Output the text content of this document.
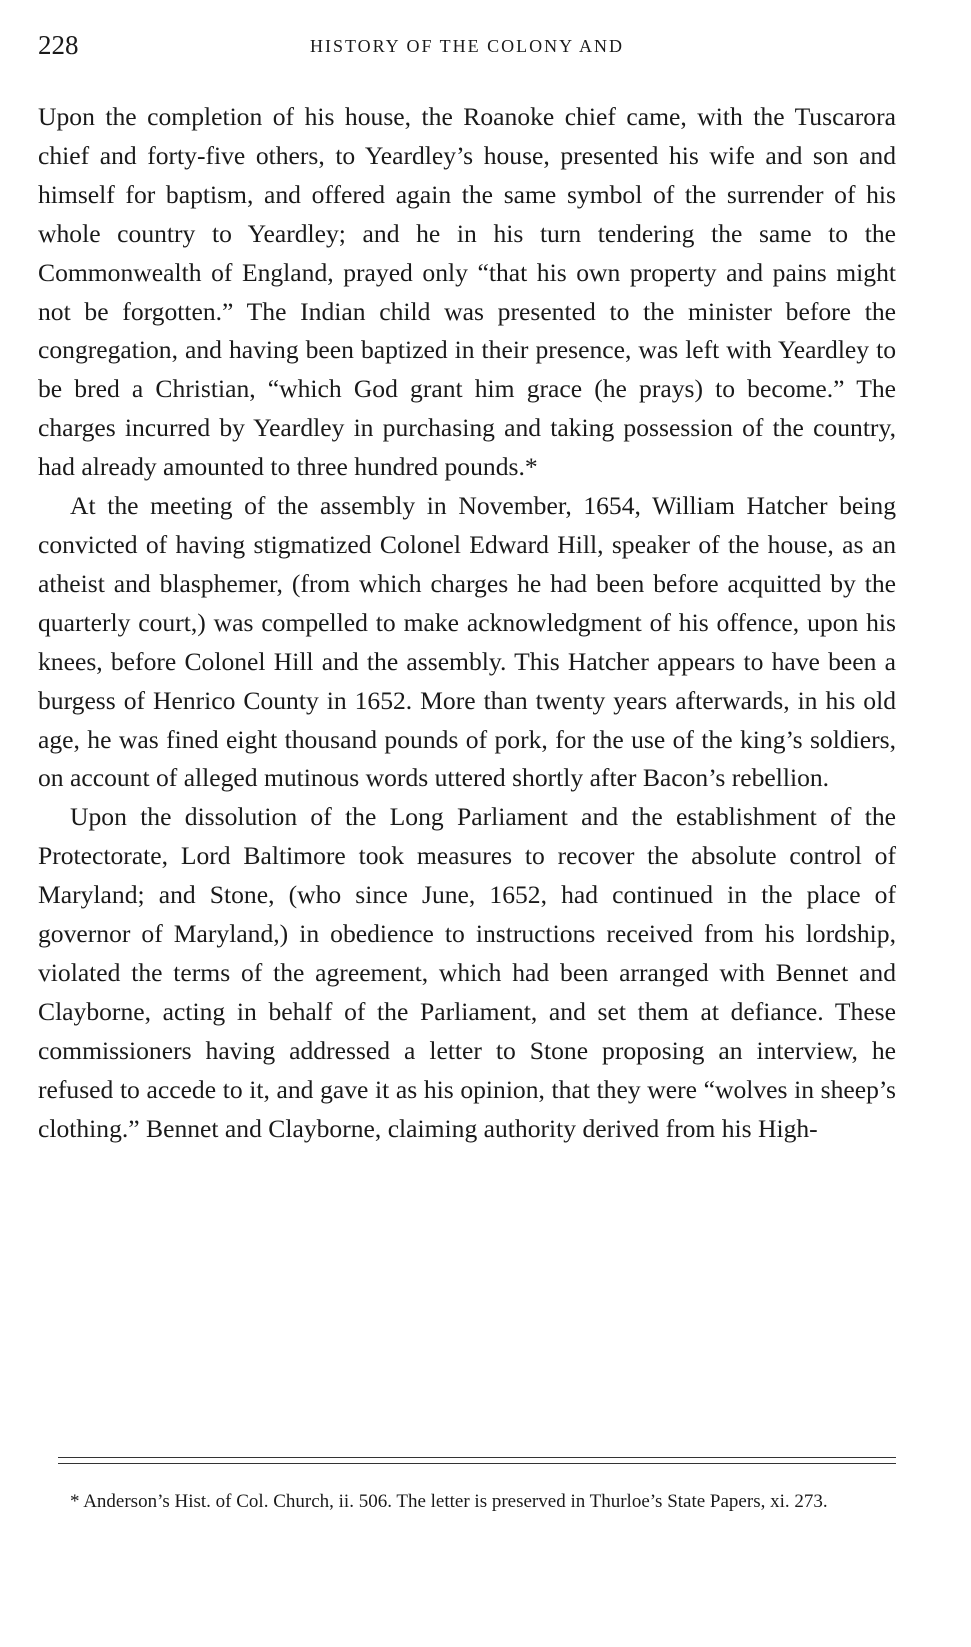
228	HISTORY OF THE COLONY AND

Upon the completion of his house, the Roanoke chief came, with the Tuscarora chief and forty-five others, to Yeardley’s house, presented his wife and son and himself for baptism, and offered again the same symbol of the surrender of his whole country to Yeardley; and he in his turn tendering the same to the Commonwealth of England, prayed only “that his own property and pains might not be forgotten.” The Indian child was presented to the minister before the congregation, and having been baptized in their presence, was left with Yeardley to be bred a Christian, “which God grant him grace (he prays) to become.” The charges incurred by Yeardley in purchasing and taking possession of the country, had already amounted to three hundred pounds.*

At the meeting of the assembly in November, 1654, William Hatcher being convicted of having stigmatized Colonel Edward Hill, speaker of the house, as an atheist and blasphemer, (from which charges he had been before acquitted by the quarterly court,) was compelled to make acknowledgment of his offence, upon his knees, before Colonel Hill and the assembly. This Hatcher appears to have been a burgess of Henrico County in 1652. More than twenty years afterwards, in his old age, he was fined eight thousand pounds of pork, for the use of the king’s soldiers, on account of alleged mutinous words uttered shortly after Bacon’s rebellion.

Upon the dissolution of the Long Parliament and the establishment of the Protectorate, Lord Baltimore took measures to recover the absolute control of Maryland; and Stone, (who since June, 1652, had continued in the place of governor of Maryland,) in obedience to instructions received from his lordship, violated the terms of the agreement, which had been arranged with Bennet and Clayborne, acting in behalf of the Parliament, and set them at defiance. These commissioners having addressed a letter to Stone proposing an interview, he refused to accede to it, and gave it as his opinion, that they were “wolves in sheep’s clothing.” Bennet and Clayborne, claiming authority derived from his High-

* Anderson’s Hist. of Col. Church, ii. 506. The letter is preserved in Thurloe’s State Papers, xi. 273.
